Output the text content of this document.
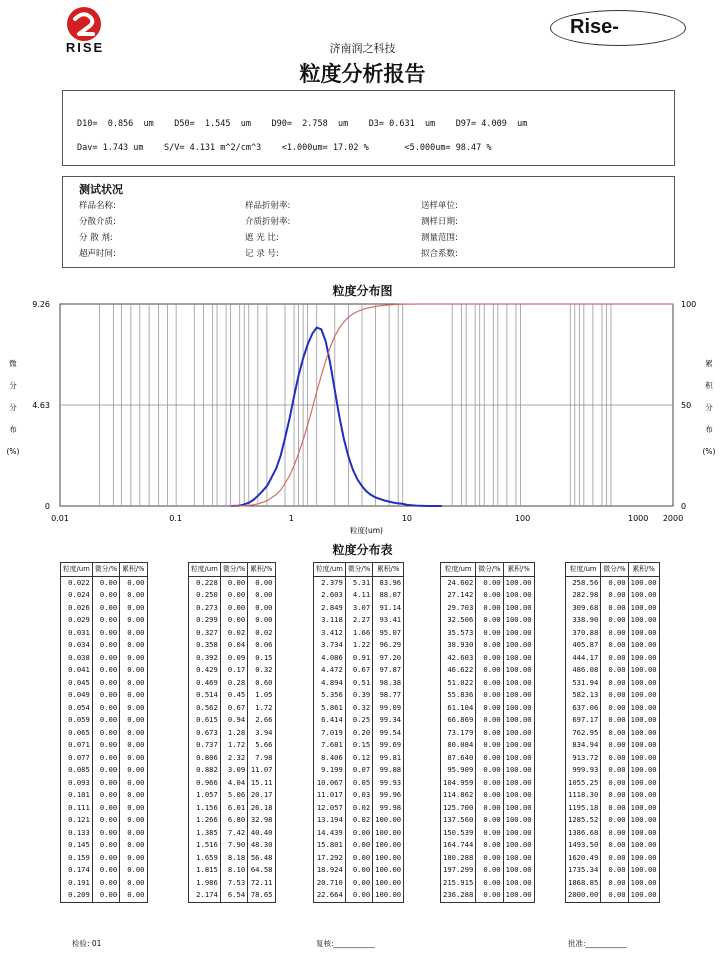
RISE
Rise-
济南润之科技
粒度分析报告
D10=  0.856  um    D50=  1.545  um    D90=  2.758  um    D3= 0.631  um    D97= 4.009  um
Dav= 1.743 um    S/V= 4.131 m^2/cm^3    <1.000um= 17.02 %       <5.000um= 98.47 %
测试状况
样品名称:	样品折射率:	送样单位:
分散介质:	介质折射率:	测样日期:
分 散 剂:	遮 光 比:	测量范围:
超声时间:	记 录 号:	拟合系数:
粒度分布图
0.01	0.1	1	10	100	1000 2000
9.26
4.63
0
100
50
0
微
分
分
布
(%)
累
积
分
布
(%)
粒度(um)
粒度分布表
粒度/um	微分/%	累积/%
0.022	0.00	0.00
0.024	0.00	0.00
0.026	0.00	0.00
0.029	0.00	0.00
0.031	0.00	0.00
0.034	0.00	0.00
0.038	0.00	0.00
0.041	0.00	0.00
0.045	0.00	0.00
0.049	0.00	0.00
0.054	0.00	0.00
0.059	0.00	0.00
0.065	0.00	0.00
0.071	0.00	0.00
0.077	0.00	0.00
0.085	0.00	0.00
0.093	0.00	0.00
0.101	0.00	0.00
0.111	0.00	0.00
0.121	0.00	0.00
0.133	0.00	0.00
0.145	0.00	0.00
0.159	0.00	0.00
0.174	0.00	0.00
0.191	0.00	0.00
0.209	0.00	0.00
粒度/um	微分/%	累积/%
0.228	0.00	0.00
0.250	0.00	0.00
0.273	0.00	0.00
0.299	0.00	0.00
0.327	0.02	0.02
0.358	0.04	0.06
0.392	0.09	0.15
0.429	0.17	0.32
0.469	0.28	0.60
0.514	0.45	1.05
0.562	0.67	1.72
0.615	0.94	2.66
0.673	1.28	3.94
0.737	1.72	5.66
0.806	2.32	7.98
0.882	3.09	11.07
0.966	4.04	15.11
1.057	5.06	20.17
1.156	6.01	26.18
1.266	6.80	32.98
1.385	7.42	40.40
1.516	7.90	48.30
1.659	8.18	56.48
1.815	8.10	64.58
1.986	7.53	72.11
2.174	6.54	78.65
粒度/um	微分/%	累积/%
2.379	5.31	83.96
2.603	4.11	88.07
2.849	3.07	91.14
3.118	2.27	93.41
3.412	1.66	95.07
3.734	1.22	96.29
4.086	0.91	97.20
4.472	0.67	97.87
4.894	0.51	98.38
5.356	0.39	98.77
5.861	0.32	99.09
6.414	0.25	99.34
7.019	0.20	99.54
7.681	0.15	99.69
8.406	0.12	99.81
9.199	0.07	99.88
10.067	0.05	99.93
11.017	0.03	99.96
12.057	0.02	99.98
13.194	0.02	100.00
14.439	0.00	100.00
15.801	0.00	100.00
17.292	0.00	100.00
18.924	0.00	100.00
20.710	0.00	100.00
22.664	0.00	100.00
粒度/um	微分/%	累积/%
24.602	0.00	100.00
27.142	0.00	100.00
29.703	0.00	100.00
32.506	0.00	100.00
35.573	0.00	100.00
38.930	0.00	100.00
42.603	0.00	100.00
46.622	0.00	100.00
51.022	0.00	100.00
55.836	0.00	100.00
61.104	0.00	100.00
66.869	0.00	100.00
73.179	0.00	100.00
80.084	0.00	100.00
87.640	0.00	100.00
95.909	0.00	100.00
104.959	0.00	100.00
114.862	0.00	100.00
125.700	0.00	100.00
137.560	0.00	100.00
150.539	0.00	100.00
164.744	0.00	100.00
180.288	0.00	100.00
197.299	0.00	100.00
215.915	0.00	100.00
236.288	0.00	100.00
粒度/um	微分/%	累积/%
258.56	0.00	100.00
282.98	0.00	100.00
309.68	0.00	100.00
338.90	0.00	100.00
370.88	0.00	100.00
405.87	0.00	100.00
444.17	0.00	100.00
486.08	0.00	100.00
531.94	0.00	100.00
582.13	0.00	100.00
637.06	0.00	100.00
697.17	0.00	100.00
762.95	0.00	100.00
834.94	0.00	100.00
913.72	0.00	100.00
999.93	0.00	100.00
1055.25	0.00	100.00
1118.30	0.00	100.00
1195.18	0.00	100.00
1285.52	0.00	100.00
1386.68	0.00	100.00
1493.50	0.00	100.00
1620.49	0.00	100.00
1735.34	0.00	100.00
1868.85	0.00	100.00
2000.00	0.00	100.00
检验: 01	复核:___________	批准:___________
